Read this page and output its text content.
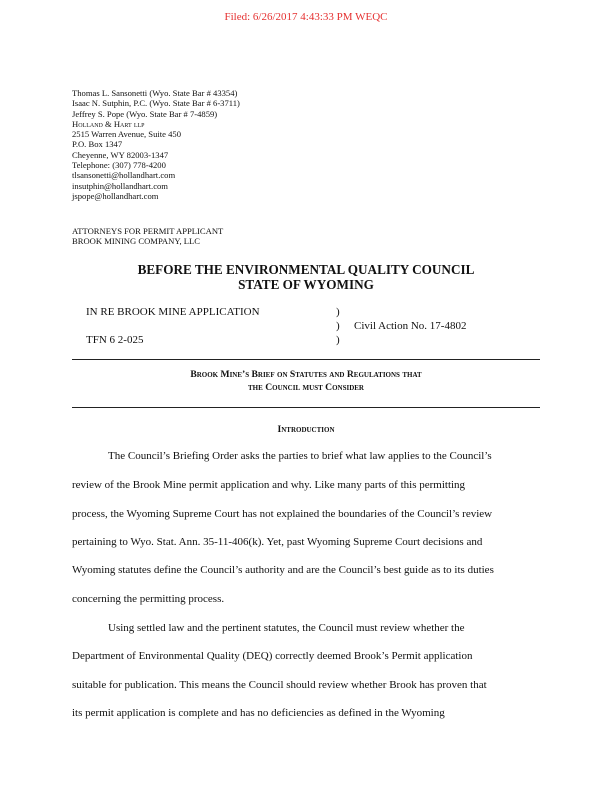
Filed: 6/26/2017 4:43:33 PM WEQC
Thomas L. Sansonetti (Wyo. State Bar # 43354)
Isaac N. Sutphin, P.C. (Wyo. State Bar # 6-3711)
Jeffrey S. Pope (Wyo. State Bar # 7-4859)
Holland & Hart llp
2515 Warren Avenue, Suite 450
P.O. Box 1347
Cheyenne, WY 82003-1347
Telephone: (307) 778-4200
tlsansonetti@hollandhart.com
insutphin@hollandhart.com
jspope@hollandhart.com
ATTORNEYS FOR PERMIT APPLICANT
BROOK MINING COMPANY, LLC
BEFORE THE ENVIRONMENTAL QUALITY COUNCIL
STATE OF WYOMING
IN RE BROOK MINE APPLICATION
TFN 6 2-025
)
)
)
Civil Action No. 17-4802
Brook Mine’s Brief on Statutes and Regulations that
the Council must Consider
Introduction
The Council’s Briefing Order asks the parties to brief what law applies to the Council’s
review of the Brook Mine permit application and why. Like many parts of this permitting
process, the Wyoming Supreme Court has not explained the boundaries of the Council’s review
pertaining to Wyo. Stat. Ann. 35-11-406(k). Yet, past Wyoming Supreme Court decisions and
Wyoming statutes define the Council’s authority and are the Council’s best guide as to its duties
concerning the permitting process.
Using settled law and the pertinent statutes, the Council must review whether the
Department of Environmental Quality (DEQ) correctly deemed Brook’s Permit application
suitable for publication. This means the Council should review whether Brook has proven that
its permit application is complete and has no deficiencies as defined in the Wyoming
